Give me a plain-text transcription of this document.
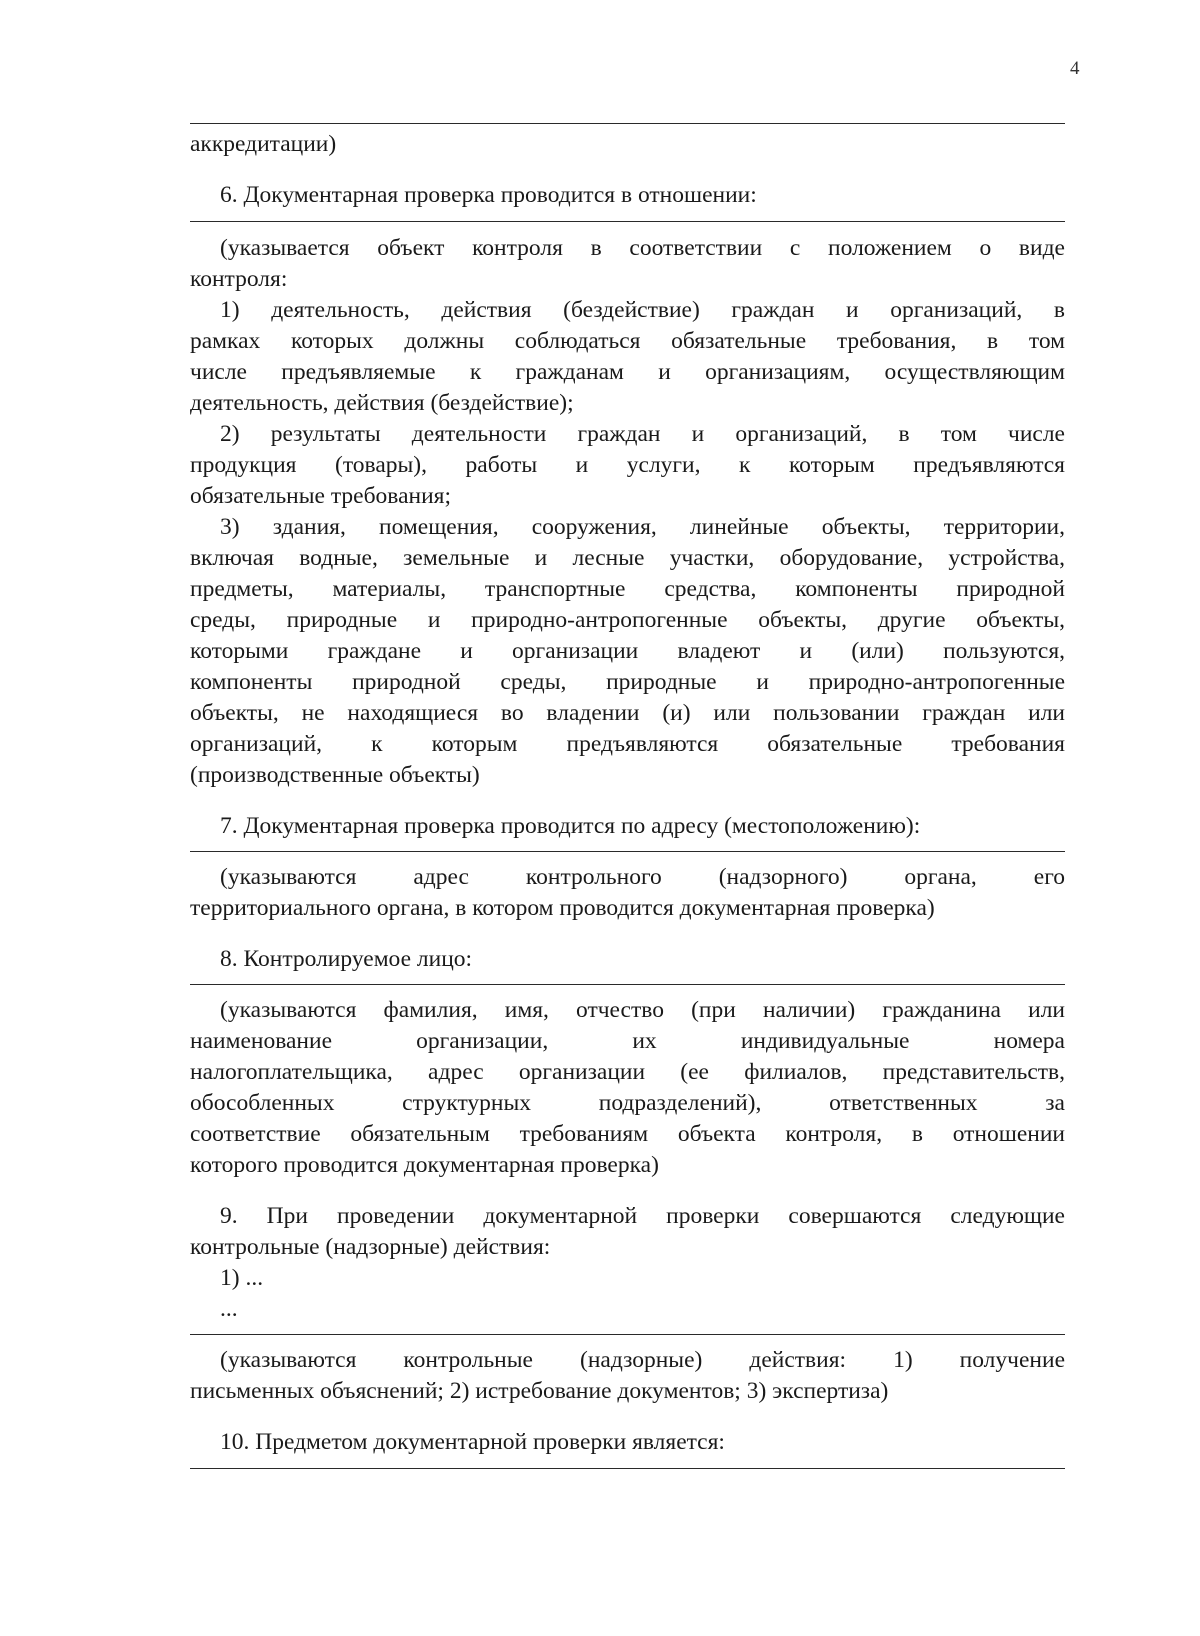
4
аккредитации)
6. Документарная проверка проводится в отношении:
(указывается объект контроля в соответствии с положением о виде
контроля:
1) деятельность, действия (бездействие) граждан и организаций, в
рамках которых должны соблюдаться обязательные требования, в том
числе предъявляемые к гражданам и организациям, осуществляющим
деятельность, действия (бездействие);
2) результаты деятельности граждан и организаций, в том числе
продукция (товары), работы и услуги, к которым предъявляются
обязательные требования;
3) здания, помещения, сооружения, линейные объекты, территории,
включая водные, земельные и лесные участки, оборудование, устройства,
предметы, материалы, транспортные средства, компоненты природной
среды, природные и природно-антропогенные объекты, другие объекты,
которыми граждане и организации владеют и (или) пользуются,
компоненты природной среды, природные и природно-антропогенные
объекты, не находящиеся во владении (и) или пользовании граждан или
организаций, к которым предъявляются обязательные требования
(производственные объекты)
7. Документарная проверка проводится по адресу (местоположению):
(указываются адрес контрольного (надзорного) органа, его
территориального органа, в котором проводится документарная проверка)
8. Контролируемое лицо:
(указываются фамилия, имя, отчество (при наличии) гражданина или
наименование организации, их индивидуальные номера
налогоплательщика, адрес организации (ее филиалов, представительств,
обособленных структурных подразделений), ответственных за
соответствие обязательным требованиям объекта контроля, в отношении
которого проводится документарная проверка)
9. При проведении документарной проверки совершаются следующие
контрольные (надзорные) действия:
1) ...
...
(указываются контрольные (надзорные) действия: 1) получение
письменных объяснений; 2) истребование документов; 3) экспертиза)
10. Предметом документарной проверки является:
